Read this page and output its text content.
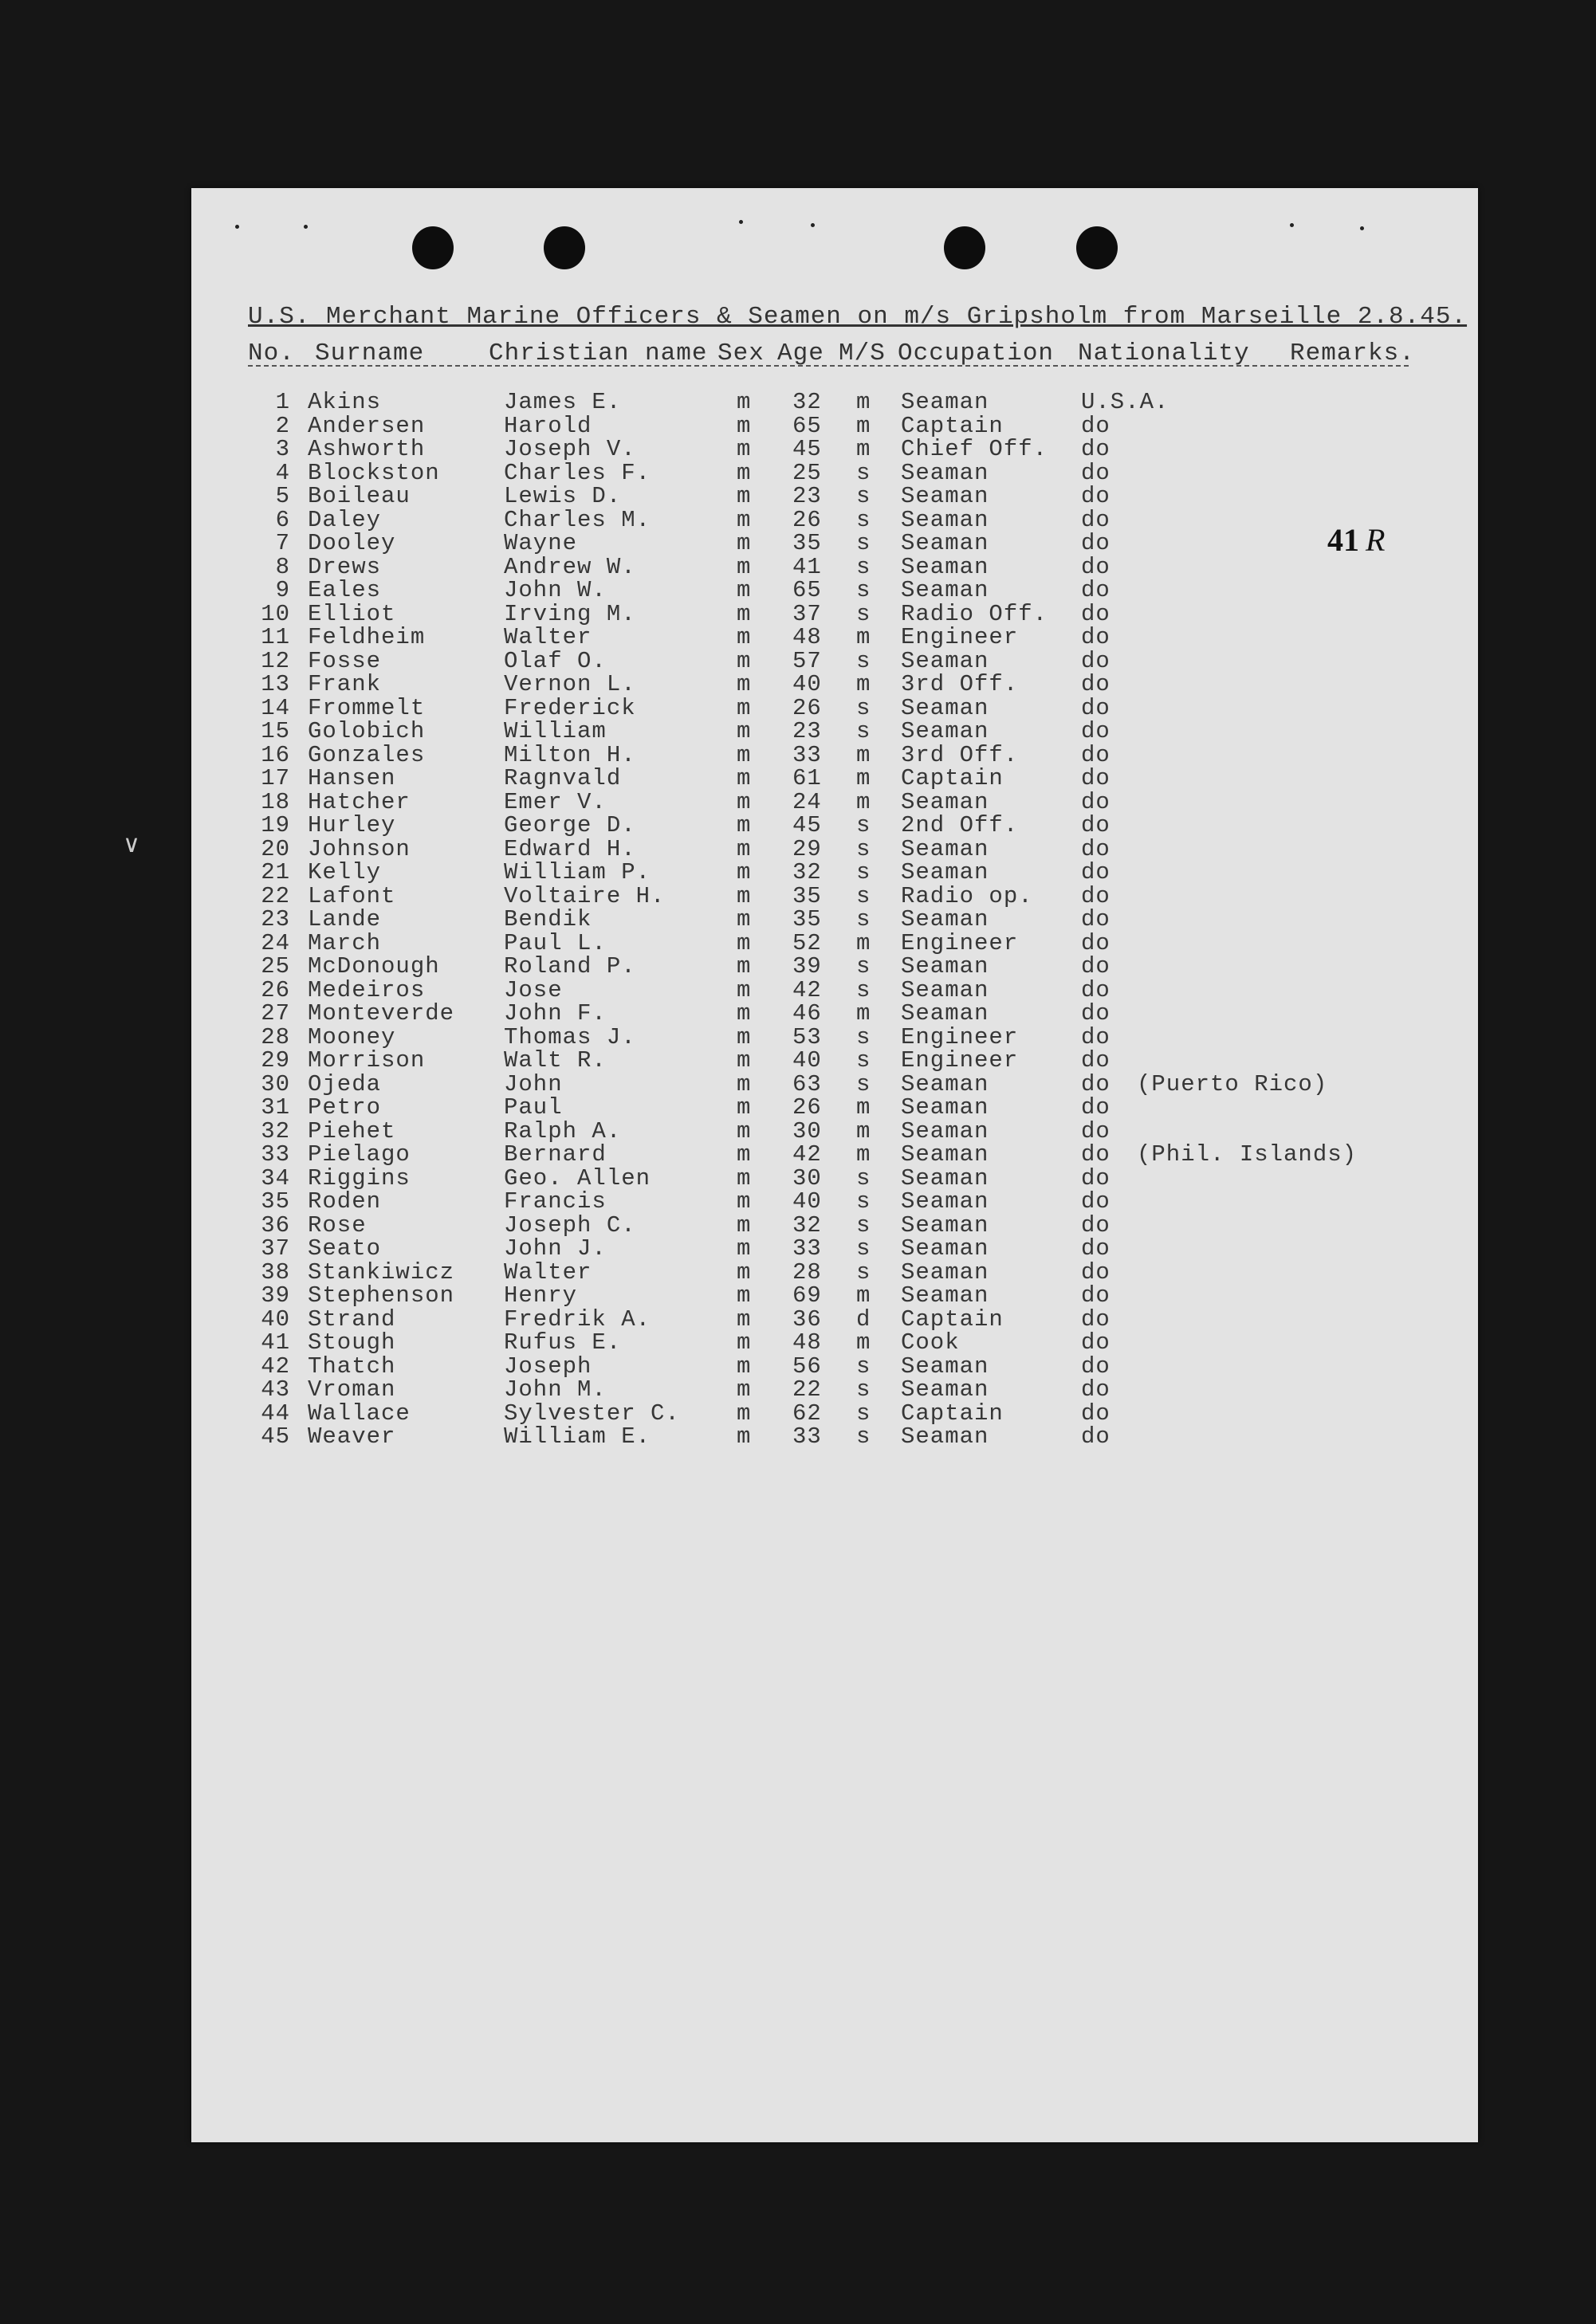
U.S. Merchant Marine Officers & Seamen on m/s Gripsholm from Marseille 2.8.45.
No. Surname	Christian name Sex Age M/S Occupation Nationality Remarks.
41 R
1 Akins	James E.	m 32 m Seaman	U.S.A.
2 Andersen	Harold	m 65 m Captain	do
3 Ashworth	Joseph V.	m 45 m Chief Off. do
4 Blockston	Charles F.	m 25 s Seaman	do
5 Boileau	Lewis D.	m 23 s Seaman	do
6 Daley	Charles M.	m 26 s Seaman	do
7 Dooley	Wayne	m 35 s Seaman	do
8 Drews	Andrew W.	m 41 s Seaman	do
9 Eales	John W.	m 65 s Seaman	do
10 Elliot	Irving M.	m 37 s Radio Off. do
11 Feldheim	Walter	m 48 m Engineer	do
12 Fosse	Olaf O.	m 57 s Seaman	do
13 Frank	Vernon L.	m 40 m 3rd Off.	do
14 Frommelt	Frederick	m 26 s Seaman	do
15 Golobich	William	m 23 s Seaman	do
16 Gonzales	Milton H.	m 33 m 3rd Off.	do
17 Hansen	Ragnvald	m 61 m Captain	do
18 Hatcher	Emer V.	m 24 m Seaman	do
19 Hurley	George D.	m 45 s 2nd Off.	do
20 Johnson	Edward H.	m 29 s Seaman	do
21 Kelly	William P.	m 32 s Seaman	do
22 Lafont	Voltaire H.	m 35 s Radio op. do
23 Lande	Bendik	m 35 s Seaman	do
24 March	Paul L.	m 52 m Engineer	do
25 McDonough	Roland P.	m 39 s Seaman	do
26 Medeiros	Jose	m 42 s Seaman	do
27 Monteverde John F.	m 46 m Seaman	do
28 Mooney	Thomas J.	m 53 s Engineer	do
29 Morrison	Walt R.	m 40 s Engineer	do
30 Ojeda	John	m 63 s Seaman	do (Puerto Rico)
31 Petro	Paul	m 26 m Seaman	do
32 Piehet	Ralph A.	m 30 m Seaman	do
33 Pielago	Bernard	m 42 m Seaman	do (Phil. Islands)
34 Riggins	Geo. Allen	m 30 s Seaman	do
35 Roden	Francis	m 40 s Seaman	do
36 Rose	Joseph C.	m 32 s Seaman	do
37 Seato	John J.	m 33 s Seaman	do
38 Stankiwicz Walter	m 28 s Seaman	do
39 Stephenson Henry	m 69 m Seaman	do
40 Strand	Fredrik A.	m 36 d Captain	do
41 Stough	Rufus E.	m 48 m Cook	do
42 Thatch	Joseph	m 56 s Seaman	do
43 Vroman	John M.	m 22 s Seaman	do
44 Wallace	Sylvester C. m 62 s Captain	do
45 Weaver	William E.	m 33 s Seaman	do
∨
